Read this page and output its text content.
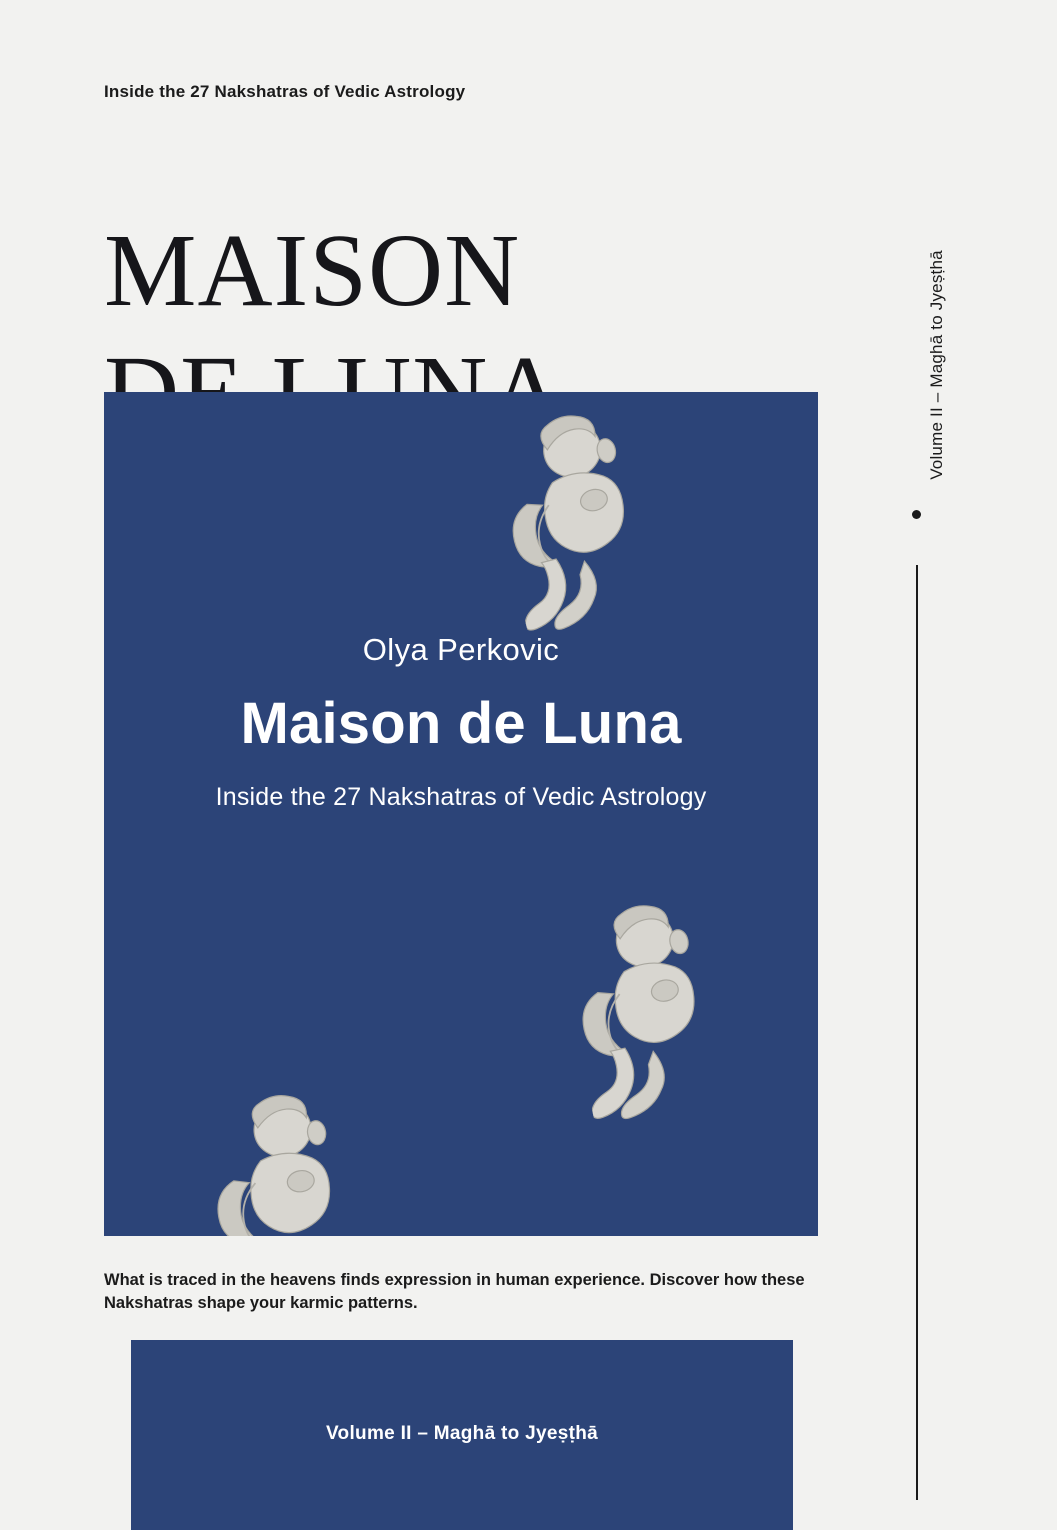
Inside the 27 Nakshatras of Vedic Astrology
MAISON
Olya Perkovic
Maison de Luna
Inside the 27 Nakshatras of Vedic Astrology

What is traced in the heavens finds expression in human experience. Discover how these Nakshatras shape your karmic patterns.

Volume II – Maghā to Jyeṣṭhā
Volume II – Maghā to Jyeṣṭhā
